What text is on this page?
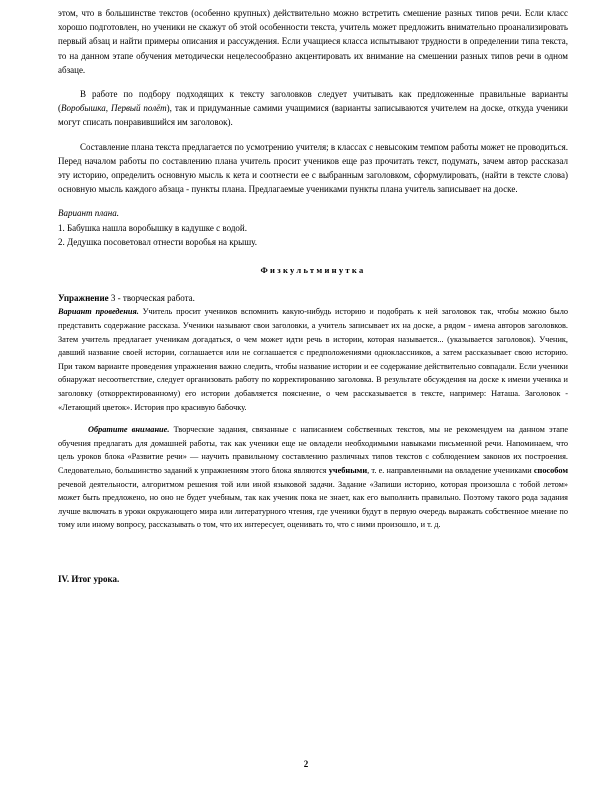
этом, что в большинстве текстов (особенно крупных) действительно можно встретить смешение разных типов речи. Если класс хорошо подготовлен, но ученики не скажут об этой особенности текста, учитель может предложить внимательно проанализировать первый абзац и найти примеры описания и рассуждения. Если учащиеся класса испытывают трудности в определении типа текста, то на данном этапе обучения методически нецелесообразно акцентировать их внимание на смешении разных типов речи в одном абзаце.

В работе по подбору подходящих к тексту заголовков следует учитывать как предложенные правильные варианты (Воробышка, Первый полёт), так и придуманные самими учащимися (варианты записываются учителем на доске, откуда ученики могут списать понравившийся им заголовок).

Составление плана текста предлагается по усмотрению учителя; в классах с невысоким темпом работы может не проводиться. Перед началом работы по составлению плана учитель просит учеников еще раз прочитать текст, подумать, зачем автор рассказал эту историю, определить основную мысль к кета и соотнести ее с выбранным заголовком, сформулировать, (найти в тексте слова) основную мысль каждого абзаца - пункты плана. Предлагаемые учениками пункты плана учитель записывает на доске.

Вариант плана.

1. Бабушка нашла воробышку в кадушке с водой.

2. Дедушка посоветовал отнести воробья на крышу.

Физкультминутка

Упражнение 3 - творческая работа.

Вариант проведения. Учитель просит учеников вспомнить какую-нибудь историю и подобрать к ней заголовок так, чтобы можно было представить содержание рассказа. Ученики называют свои заголовки, а учитель записывает их на доске, а рядом - имена авторов заголовков. Затем учитель предлагает ученикам догадаться, о чем может идти речь в истории, которая называется... (указывается заголовок). Ученик, давший название своей истории, соглашается или не соглашается с предположениями одноклассников, а затем рассказывает свою историю. При таком варианте проведения упражнения важно следить, чтобы название истории и ее содержание действительно совпадали. Если ученики обнаружат несоответствие, следует организовать работу по корректированию заголовка. В результате обсуждения на доске к имени ученика и заголовку (откорректированному) его истории добавляется пояснение, о чем рассказывается в тексте, например: Наташа. Заголовок - «Летающий цветок». История про красивую бабочку.

Обратите внимание. Творческие задания, связанные с написанием собственных текстов, мы не рекомендуем на данном этапе обучения предлагать для домашней работы, так как ученики еще не овладели необходимыми навыками письменной речи. Напоминаем, что цель уроков блока «Развитие речи» — научить правильному составлению различных типов текстов с соблюдением законов их построения. Следовательно, большинство заданий к упражнениям этого блока являются учебными, т. е. направленными на овладение учениками способом речевой деятельности, алгоритмом решения той или иной языковой задачи. Задание «Запиши историю, которая произошла с тобой летом» может быть предложено, но оно не будет учебным, так как ученик пока не знает, как его выполнить правильно. Поэтому такого рода задания лучше включать в уроки окружающего мира или литературного чтения, где ученики будут в первую очередь выражать собственное мнение по тому или иному вопросу, рассказывать о том, что их интересует, оценивать то, что с ними произошло, и т. д.

IV. Итог урока.

2
